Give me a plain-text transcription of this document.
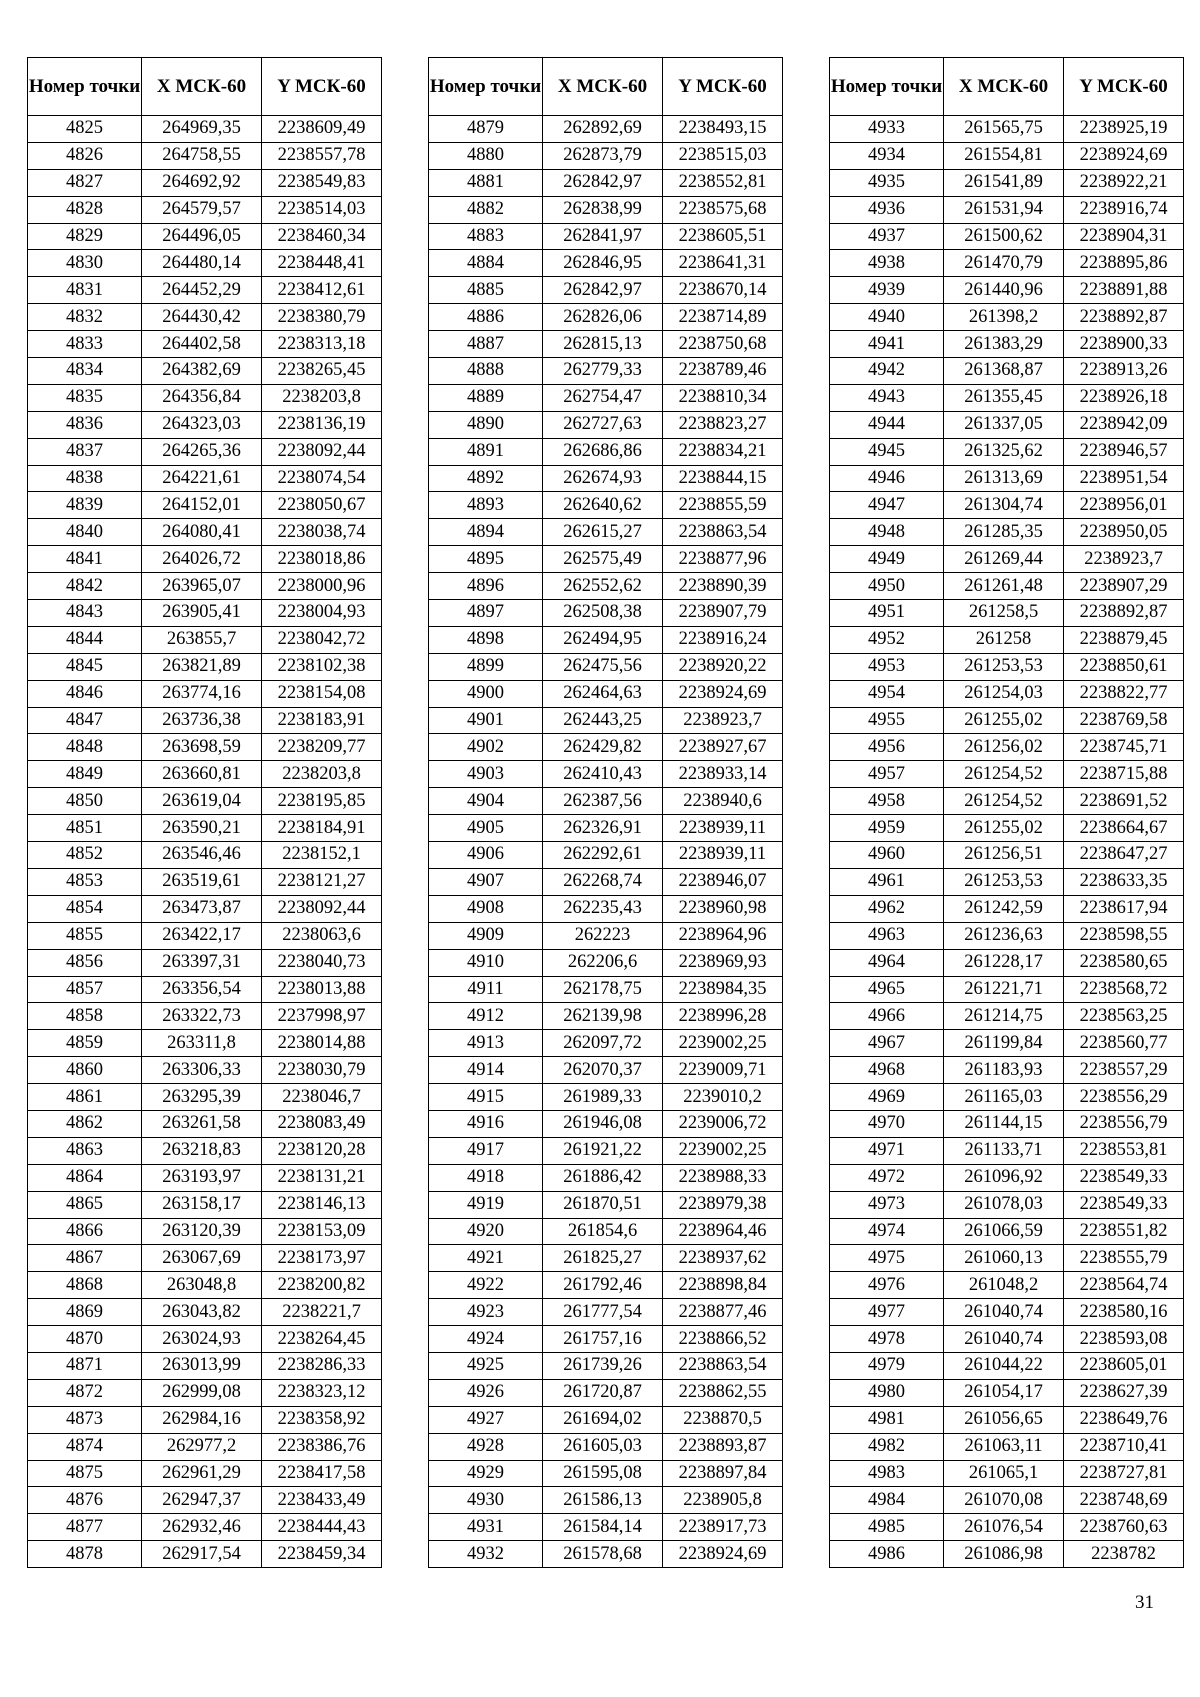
Номер точки	X МСК-60	Y МСК-60
4825	264969,35	2238609,49
4826	264758,55	2238557,78
4827	264692,92	2238549,83
4828	264579,57	2238514,03
4829	264496,05	2238460,34
4830	264480,14	2238448,41
4831	264452,29	2238412,61
4832	264430,42	2238380,79
4833	264402,58	2238313,18
4834	264382,69	2238265,45
4835	264356,84	2238203,8
4836	264323,03	2238136,19
4837	264265,36	2238092,44
4838	264221,61	2238074,54
4839	264152,01	2238050,67
4840	264080,41	2238038,74
4841	264026,72	2238018,86
4842	263965,07	2238000,96
4843	263905,41	2238004,93
4844	263855,7	2238042,72
4845	263821,89	2238102,38
4846	263774,16	2238154,08
4847	263736,38	2238183,91
4848	263698,59	2238209,77
4849	263660,81	2238203,8
4850	263619,04	2238195,85
4851	263590,21	2238184,91
4852	263546,46	2238152,1
4853	263519,61	2238121,27
4854	263473,87	2238092,44
4855	263422,17	2238063,6
4856	263397,31	2238040,73
4857	263356,54	2238013,88
4858	263322,73	2237998,97
4859	263311,8	2238014,88
4860	263306,33	2238030,79
4861	263295,39	2238046,7
4862	263261,58	2238083,49
4863	263218,83	2238120,28
4864	263193,97	2238131,21
4865	263158,17	2238146,13
4866	263120,39	2238153,09
4867	263067,69	2238173,97
4868	263048,8	2238200,82
4869	263043,82	2238221,7
4870	263024,93	2238264,45
4871	263013,99	2238286,33
4872	262999,08	2238323,12
4873	262984,16	2238358,92
4874	262977,2	2238386,76
4875	262961,29	2238417,58
4876	262947,37	2238433,49
4877	262932,46	2238444,43
4878	262917,54	2238459,34
Номер точки	X МСК-60	Y МСК-60
4879	262892,69	2238493,15
4880	262873,79	2238515,03
4881	262842,97	2238552,81
4882	262838,99	2238575,68
4883	262841,97	2238605,51
4884	262846,95	2238641,31
4885	262842,97	2238670,14
4886	262826,06	2238714,89
4887	262815,13	2238750,68
4888	262779,33	2238789,46
4889	262754,47	2238810,34
4890	262727,63	2238823,27
4891	262686,86	2238834,21
4892	262674,93	2238844,15
4893	262640,62	2238855,59
4894	262615,27	2238863,54
4895	262575,49	2238877,96
4896	262552,62	2238890,39
4897	262508,38	2238907,79
4898	262494,95	2238916,24
4899	262475,56	2238920,22
4900	262464,63	2238924,69
4901	262443,25	2238923,7
4902	262429,82	2238927,67
4903	262410,43	2238933,14
4904	262387,56	2238940,6
4905	262326,91	2238939,11
4906	262292,61	2238939,11
4907	262268,74	2238946,07
4908	262235,43	2238960,98
4909	262223	2238964,96
4910	262206,6	2238969,93
4911	262178,75	2238984,35
4912	262139,98	2238996,28
4913	262097,72	2239002,25
4914	262070,37	2239009,71
4915	261989,33	2239010,2
4916	261946,08	2239006,72
4917	261921,22	2239002,25
4918	261886,42	2238988,33
4919	261870,51	2238979,38
4920	261854,6	2238964,46
4921	261825,27	2238937,62
4922	261792,46	2238898,84
4923	261777,54	2238877,46
4924	261757,16	2238866,52
4925	261739,26	2238863,54
4926	261720,87	2238862,55
4927	261694,02	2238870,5
4928	261605,03	2238893,87
4929	261595,08	2238897,84
4930	261586,13	2238905,8
4931	261584,14	2238917,73
4932	261578,68	2238924,69
Номер точки	X МСК-60	Y МСК-60
4933	261565,75	2238925,19
4934	261554,81	2238924,69
4935	261541,89	2238922,21
4936	261531,94	2238916,74
4937	261500,62	2238904,31
4938	261470,79	2238895,86
4939	261440,96	2238891,88
4940	261398,2	2238892,87
4941	261383,29	2238900,33
4942	261368,87	2238913,26
4943	261355,45	2238926,18
4944	261337,05	2238942,09
4945	261325,62	2238946,57
4946	261313,69	2238951,54
4947	261304,74	2238956,01
4948	261285,35	2238950,05
4949	261269,44	2238923,7
4950	261261,48	2238907,29
4951	261258,5	2238892,87
4952	261258	2238879,45
4953	261253,53	2238850,61
4954	261254,03	2238822,77
4955	261255,02	2238769,58
4956	261256,02	2238745,71
4957	261254,52	2238715,88
4958	261254,52	2238691,52
4959	261255,02	2238664,67
4960	261256,51	2238647,27
4961	261253,53	2238633,35
4962	261242,59	2238617,94
4963	261236,63	2238598,55
4964	261228,17	2238580,65
4965	261221,71	2238568,72
4966	261214,75	2238563,25
4967	261199,84	2238560,77
4968	261183,93	2238557,29
4969	261165,03	2238556,29
4970	261144,15	2238556,79
4971	261133,71	2238553,81
4972	261096,92	2238549,33
4973	261078,03	2238549,33
4974	261066,59	2238551,82
4975	261060,13	2238555,79
4976	261048,2	2238564,74
4977	261040,74	2238580,16
4978	261040,74	2238593,08
4979	261044,22	2238605,01
4980	261054,17	2238627,39
4981	261056,65	2238649,76
4982	261063,11	2238710,41
4983	261065,1	2238727,81
4984	261070,08	2238748,69
4985	261076,54	2238760,63
4986	261086,98	2238782
31
